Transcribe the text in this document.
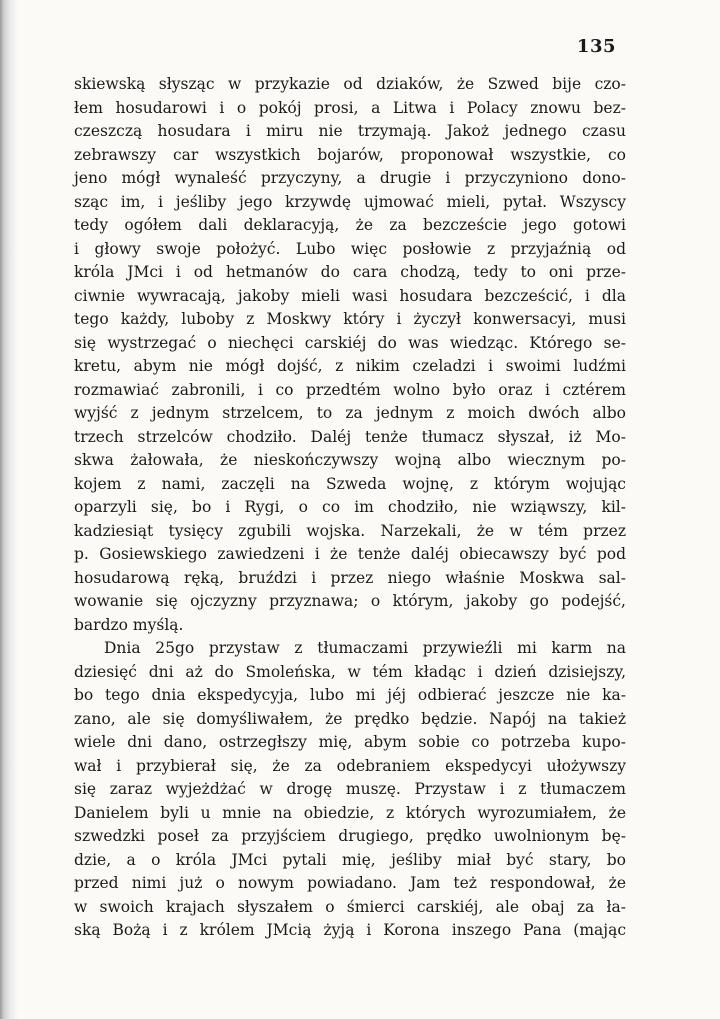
135
skiewską słysząc w przykazie od dziaków, że Szwed bije czo-
łem hosudarowi i o pokój prosi, a Litwa i Polacy znowu bez-
czeszczą hosudara i miru nie trzymają. Jakoż jednego czasu
zebrawszy car wszystkich bojarów, proponował wszystkie, co
jeno mógł wynaleść przyczyny, a drugie i przyczyniono dono-
sząc im, i jeśliby jego krzywdę ujmować mieli, pytał. Wszyscy
tedy ogółem dali deklaracyją, że za bezczeście jego gotowi
i głowy swoje położyć. Lubo więc posłowie z przyjaźnią od
króla JMci i od hetmanów do cara chodzą, tedy to oni prze-
ciwnie wywracają, jakoby mieli wasi hosudara bezcześcić, i dla
tego każdy, luboby z Moskwy który i życzył konwersacyi, musi
się wystrzegać o niechęci carskiéj do was wiedząc. Którego se-
kretu, abym nie mógł dojść, z nikim czeladzi i swoimi ludźmi
rozmawiać zabronili, i co przedtém wolno było oraz i cztérem
wyjść z jednym strzelcem, to za jednym z moich dwóch albo
trzech strzelców chodziło. Daléj tenże tłumacz słyszał, iż Mo-
skwa żałowała, że nieskończywszy wojną albo wiecznym po-
kojem z nami, zaczęli na Szweda wojnę, z którym wojując
oparzyli się, bo i Rygi, o co im chodziło, nie wziąwszy, kil-
kadziesiąt tysięcy zgubili wojska. Narzekali, że w tém przez
p. Gosiewskiego zawiedzeni i że tenże daléj obiecawszy być pod
hosudarową ręką, bruździ i przez niego właśnie Moskwa sal-
wowanie się ojczyzny przyznawa; o którym, jakoby go podejść,
bardzo myślą.
Dnia 25go przystaw z tłumaczami przywieźli mi karm na
dziesięć dni aż do Smoleńska, w tém kładąc i dzień dzisiejszy,
bo tego dnia ekspedycyja, lubo mi jéj odbierać jeszcze nie ka-
zano, ale się domyśliwałem, że prędko będzie. Napój na takież
wiele dni dano, ostrzegłszy mię, abym sobie co potrzeba kupo-
wał i przybierał się, że za odebraniem ekspedycyi ułożywszy
się zaraz wyjeżdżać w drogę muszę. Przystaw i z tłumaczem
Danielem byli u mnie na obiedzie, z których wyrozumiałem, że
szwedzki poseł za przyjściem drugiego, prędko uwolnionym bę-
dzie, a o króla JMci pytali mię, jeśliby miał być stary, bo
przed nimi już o nowym powiadano. Jam też respondował, że
w swoich krajach słyszałem o śmierci carskiéj, ale obaj za ła-
ską Bożą i z królem JMcią żyją i Korona inszego Pana (mając
